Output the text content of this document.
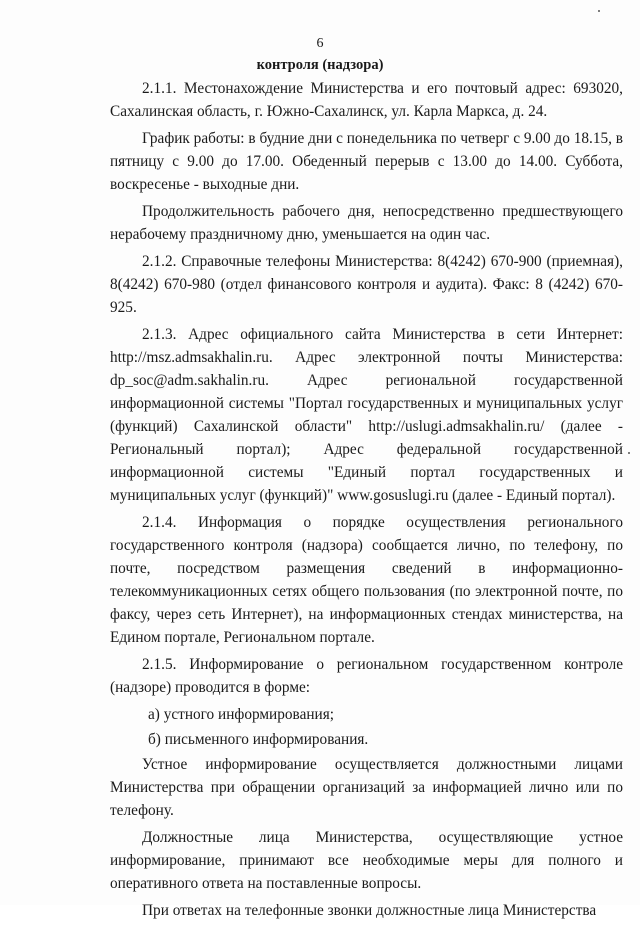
6
контроля (надзора)

2.1.1. Местонахождение Министерства и его почтовый адрес: 693020, Сахалинская область, г. Южно-Сахалинск, ул. Карла Маркса, д. 24.

График работы: в будние дни с понедельника по четверг с 9.00 до 18.15, в пятницу с 9.00 до 17.00. Обеденный перерыв с 13.00 до 14.00. Суббота, воскресенье - выходные дни.

Продолжительность рабочего дня, непосредственно предшествующего нерабочему праздничному дню, уменьшается на один час.

2.1.2. Справочные телефоны Министерства: 8(4242) 670-900 (приемная), 8(4242) 670-980 (отдел финансового контроля и аудита). Факс: 8 (4242) 670-925.

2.1.3. Адрес официального сайта Министерства в сети Интернет: http://msz.admsakhalin.ru. Адрес электронной почты Министерства: dp_soc@adm.sakhalin.ru. Адрес региональной государственной информационной системы "Портал государственных и муниципальных услуг (функций) Сахалинской области" http://uslugi.admsakhalin.ru/ (далее - Региональный портал); Адрес федеральной государственной информационной системы "Единый портал государственных и муниципальных услуг (функций)" www.gosuslugi.ru (далее - Единый портал).

2.1.4. Информация о порядке осуществления регионального государственного контроля (надзора) сообщается лично, по телефону, по почте, посредством размещения сведений в информационно-телекоммуникационных сетях общего пользования (по электронной почте, по факсу, через сеть Интернет), на информационных стендах министерства, на Едином портале, Региональном портале.

2.1.5. Информирование о региональном государственном контроле (надзоре) проводится в форме:

а) устного информирования;

б) письменного информирования.

Устное информирование осуществляется должностными лицами Министерства при обращении организаций за информацией лично или по телефону.

Должностные лица Министерства, осуществляющие устное информирование, принимают все необходимые меры для полного и оперативного ответа на поставленные вопросы.

При ответах на телефонные звонки должностные лица Министерства
